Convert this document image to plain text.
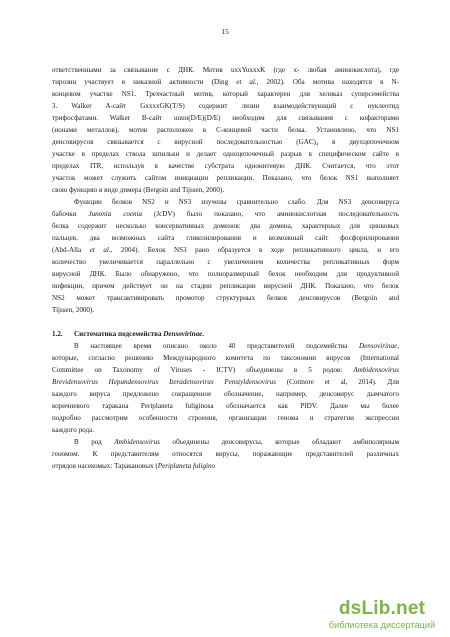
15
ответственными за связывание с ДНК. Мотив uxxYuxxxK (где x- любая аминокислота), где
тирозин участвует в никазной активности (Ding et al., 2002). Оба мотива находятся в N-
концевом участке NS1. Трехчастный мотив, который характерен для хеликаз суперсемейства
3. Walker A-сайт GxxxxGK(T/S) содержит лизин взаимодействующий с нуклеотид
трифосфатами. Walker B-сайт uuuu(D/E)(D/E) необходим для связывания с кофакторами
(ионами металлов), мотив расположен в C-концевой части белка. Установлено, что NS1
денсовирусов связывается с вирусной последовательностью (GAC)₄ в двухцепочечном
участке в пределах ствола шпильки и делает одноцепочечный разрыв в специфическом сайте в
пределах ITR, используя в качестве субстрата однонитевую ДНК. Считается, что этот
участок может служить сайтом инициации репликации. Показано, что белок NS1 выполняет
свою функцию в виде димера (Bergoin and Tijssen, 2000).
Функции белков NS2 и NS3 изучены сравнительно слабо. Для NS3 денсовируса
бабочки Junonia coenia (JcDV) было показано, что аминокислотная последовательность
белка содержит несколько консервативных доменов: два домена, характерных для цинковых
пальцев, два возможных сайта гликозилирования и возможный сайт фосфорилирования
(Abd-Alla et al., 2004). Белок NS3 рано образуется в ходе репликативного цикла, и его
количество увеличивается параллельно с увеличением количества репликативных форм
вирусной ДНК. Было обнаружено, что полноразмерный белок необходим для продуктивной
инфекции, причем действует он на стадии репликации вирусной ДНК. Показано, что белок
NS2 может трансактивировать промотор структурных белков денсовирусов (Bergoin and
Tijssen, 2000).
1.2. Систематика подсемейства Densovirinae.
В настоящее время описано около 40 представителей подсемейства Densovirinae,
которые, согласно решению Международного комитета по таксономии вирусов (International
Committee on Taxonomy of Viruses - ICTV) объединены в 5 родов: Ambidensovirus
Brevidensovirus Hepandensovirus Iteradensovirus Penstyldensovirus (Cotmore et al, 2014). Для
каждого вируса предложено сокращенное обозначение, например, денсовирус дымчатого
коричневого таракана Periplaneta fuliginosa обозначается как PfDV. Далее мы более
подробно рассмотрим особенности строения, организации генома и стратегии экспрессии
каждого рода.
В род Ambidensovirus объединены денсовирусы, которые обладают амбиполярным
геномом. К представителям относятся вирусы, поражающие представителей различных
отрядов насекомых: Таракановых (Periplaneta fuligino
dsLib.net
библиотека диссертаций
